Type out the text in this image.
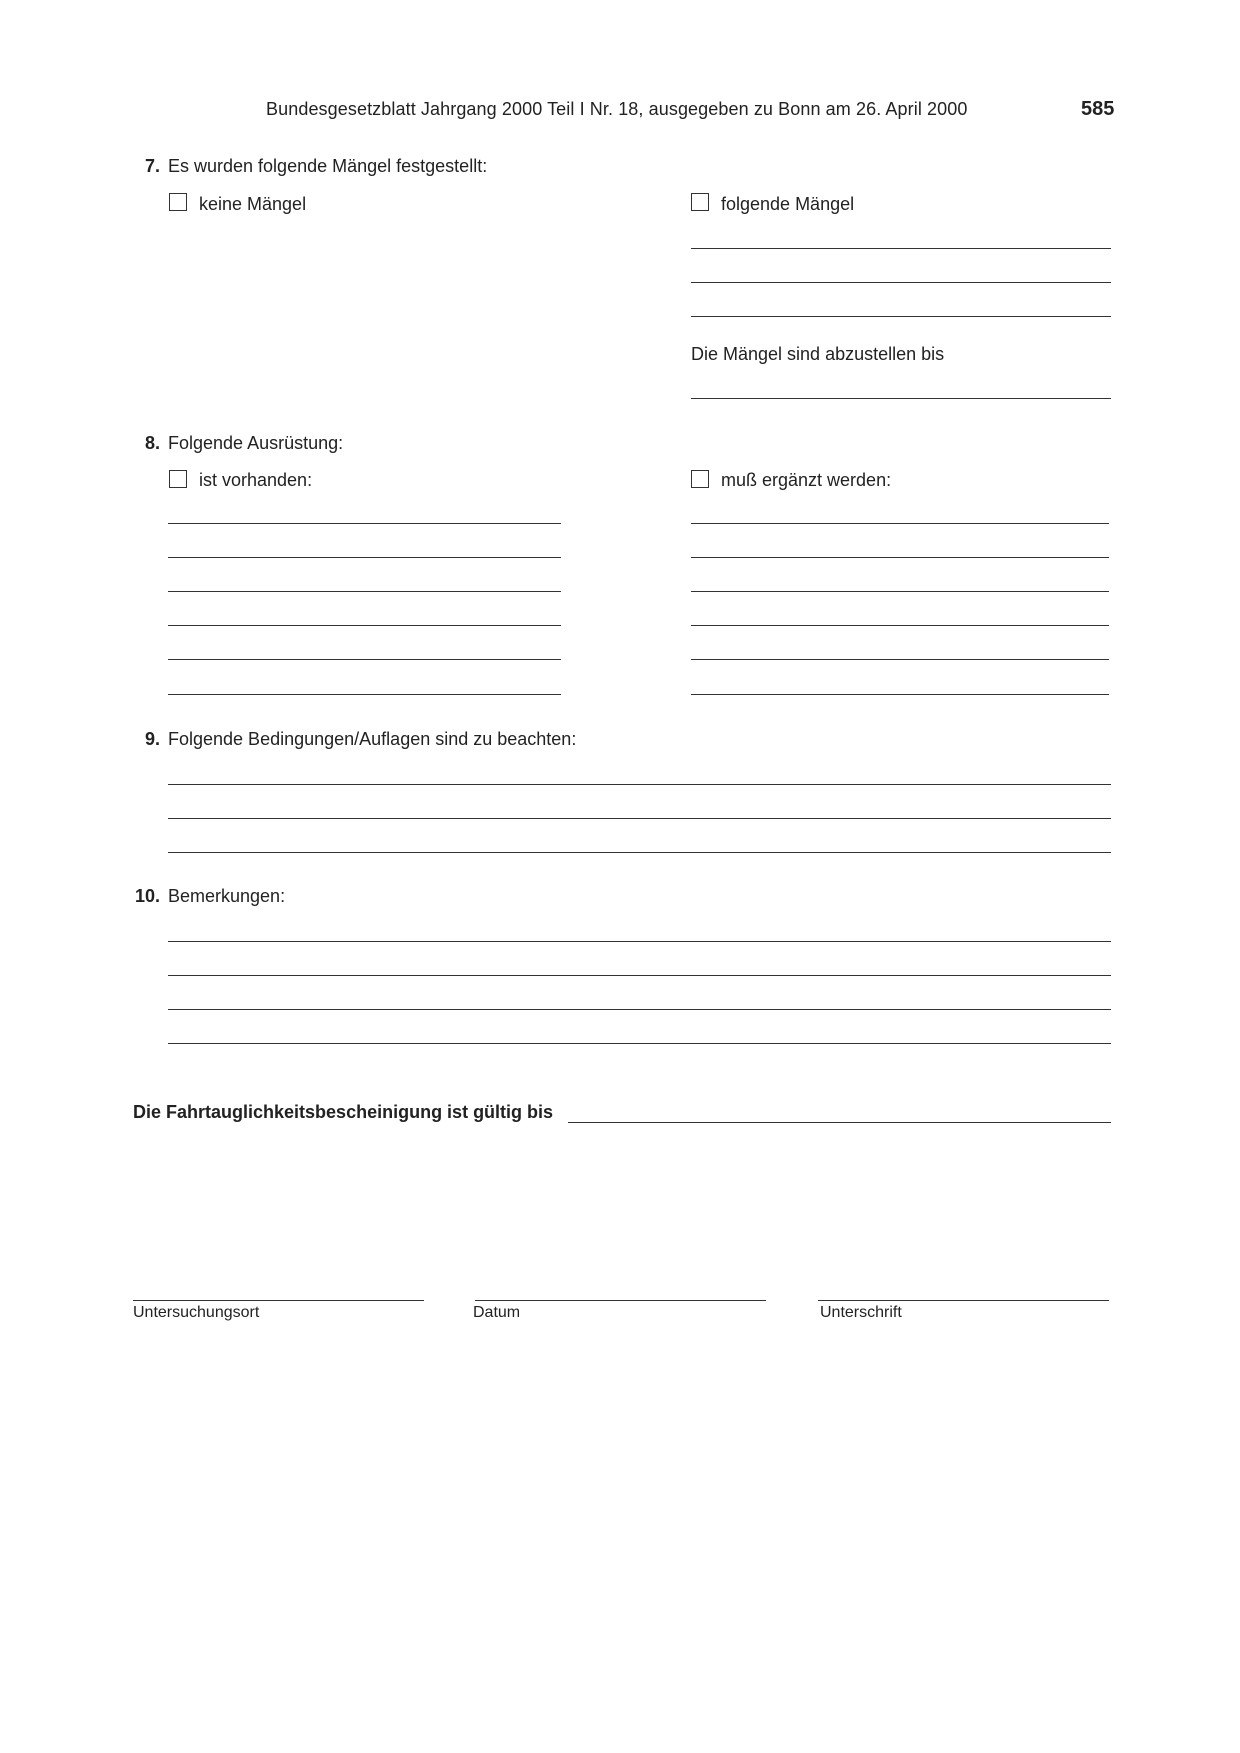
Bundesgesetzblatt Jahrgang 2000 Teil I Nr. 18, ausgegeben zu Bonn am 26. April 2000	585
7. Es wurden folgende Mängel festgestellt:
keine Mängel	folgende Mängel
Die Mängel sind abzustellen bis
8. Folgende Ausrüstung:
ist vorhanden:	muß ergänzt werden:
9. Folgende Bedingungen/Auflagen sind zu beachten:
10. Bemerkungen:
Die Fahrtauglichkeitsbescheinigung ist gültig bis
Untersuchungsort	Datum	Unterschrift
